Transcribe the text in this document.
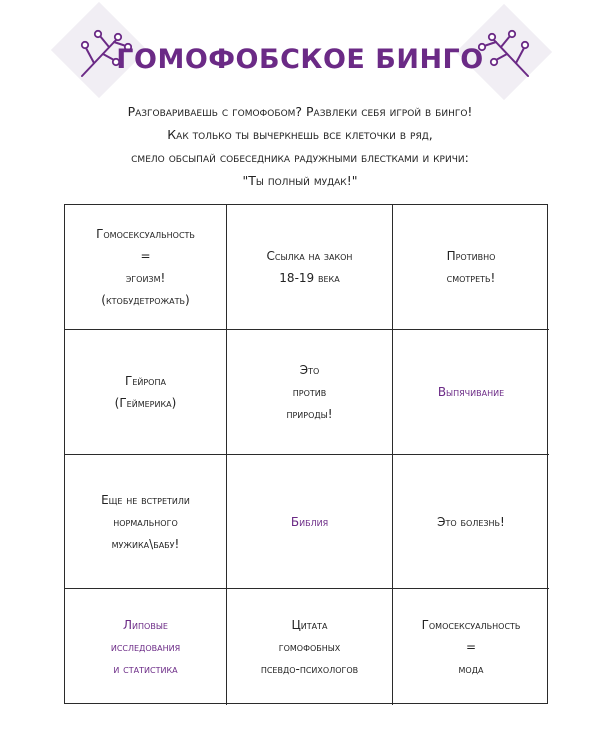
ГОМОФОБСКОЕ БИНГО
Разговариваешь с гомофобом? Развлеки себя игрой в бинго!
Как только ты вычеркнешь все клеточки в ряд,
смело обсыпай собеседника радужными блестками и кричи:
"Ты полный мудак!"
Гомосексуальность
=
эгоизм!
(ктобудетрожать)
Ссылка на закон
18-19 века
Противно
смотреть!
Гейропа
(Геймерика)
Это
против
природы!
Выпячивание
Еще не встретили
нормального
мужика\бабу!
Библия	Это болезнь!
Липовые
исследования
и статистика
Цитата
гомофобных
псевдо-психологов
Гомосексуальность
=
мода
